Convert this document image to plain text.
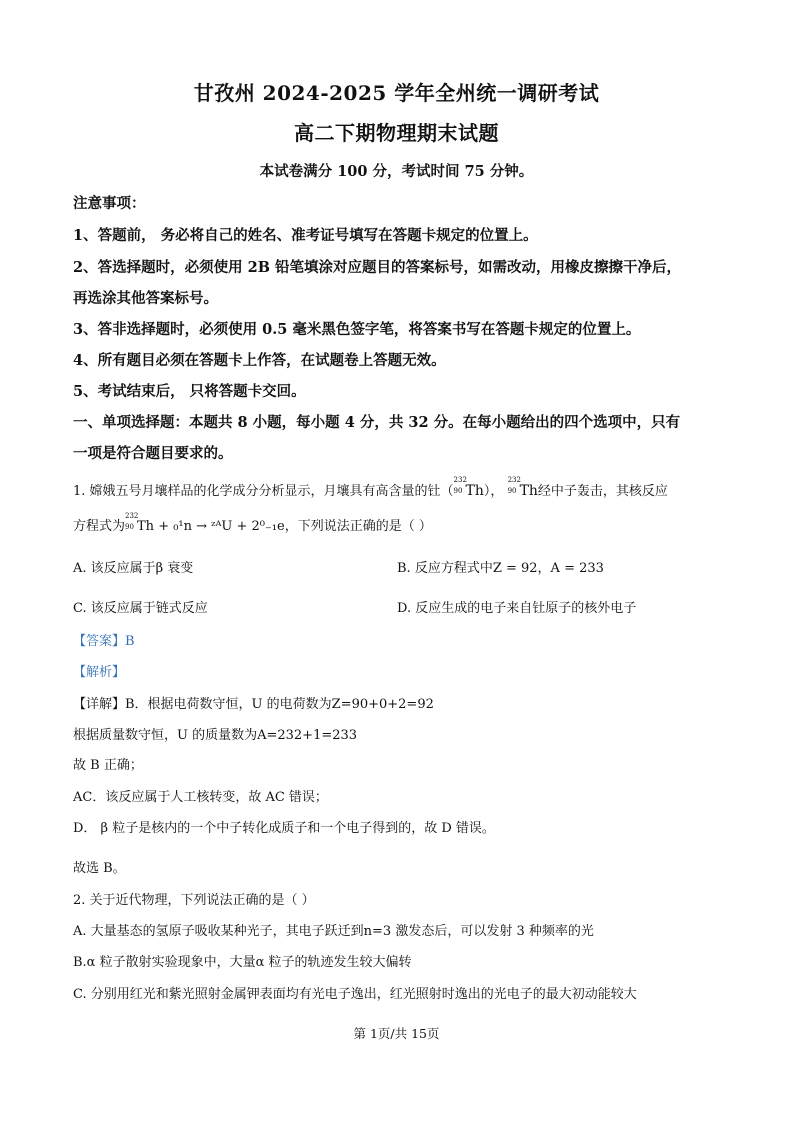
甘孜州 2024-2025 学年全州统一调研考试
高二下期物理期末试题
本试卷满分 100 分，考试时间 75 分钟。
注意事项：
1、答题前， 务必将自己的姓名、准考证号填写在答题卡规定的位置上。
2、答选择题时，必须使用 2B 铅笔填涂对应题目的答案标号，如需改动，用橡皮擦擦干净后，
再选涂其他答案标号。
3、答非选择题时，必须使用 0.5 毫米黑色签字笔，将答案书写在答题卡规定的位置上。
4、所有题目必须在答题卡上作答，在试题卷上答题无效。
5、考试结束后， 只将答题卡交回。
一、单项选择题：本题共 8 小题，每小题 4 分，共 32 分。在每小题给出的四个选项中，只有
一项是符合题目要求的。
1. 嫦娥五号月壤样品的化学成分分析显示，月壤具有高含量的钍（
232
90 Th），
232
90 Th经中子轰击，其核反应
方程式为
232
90 Th + ₀¹n → ᶻᴬU + 2⁰₋₁e，下列说法正确的是（ ）
A. 该反应属于β 衰变	B. 反应方程式中Z = 92，A = 233
C. 该反应属于链式反应	D. 反应生成的电子来自钍原子的核外电子
【答案】B
【解析】
【详解】B．根据电荷数守恒，U 的电荷数为Z=90+0+2=92
根据质量数守恒，U 的质量数为A=232+1=233
故 B 正确；
AC．该反应属于人工核转变，故 AC 错误；
D． β 粒子是核内的一个中子转化成质子和一个电子得到的，故 D 错误。
故选 B。
2. 关于近代物理，下列说法正确的是（ ）
A. 大量基态的氢原子吸收某种光子，其电子跃迁到n=3 激发态后，可以发射 3 种频率的光
B.α 粒子散射实验现象中，大量α 粒子的轨迹发生较大偏转
C. 分别用红光和紫光照射金属钾表面均有光电子逸出，红光照射时逸出的光电子的最大初动能较大
第 1页/共 15页
